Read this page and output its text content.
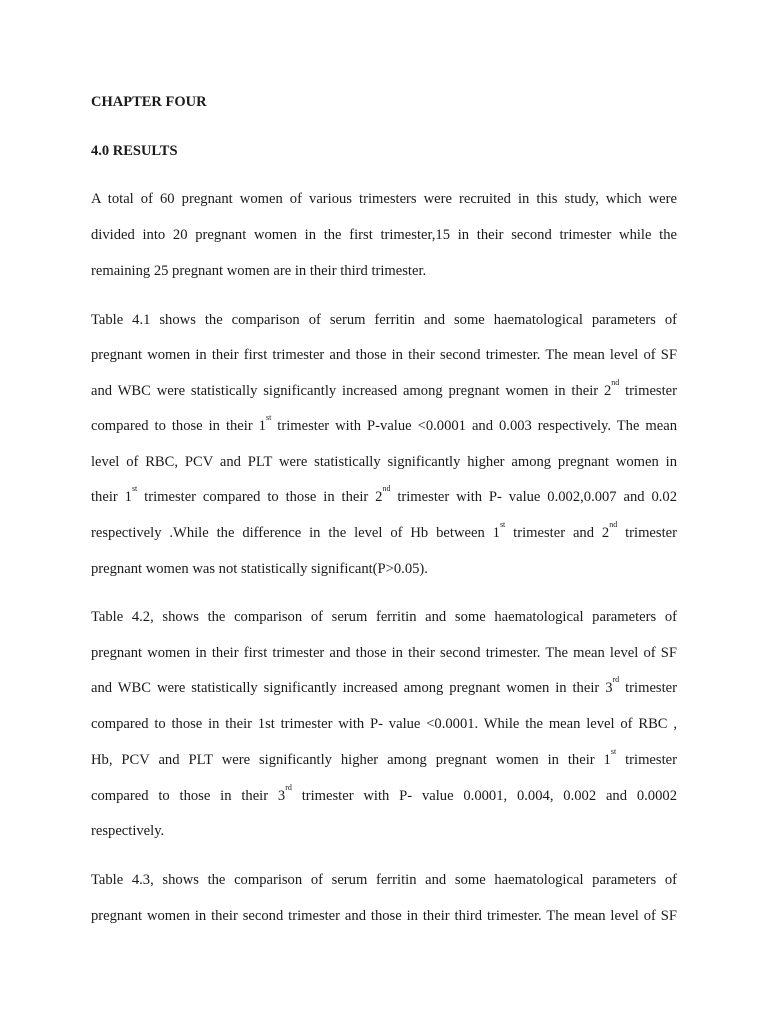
CHAPTER FOUR
4.0 RESULTS
A total of 60 pregnant women of various trimesters were recruited in this study, which were
divided into 20 pregnant women in the first trimester,15 in their second trimester while the
remaining 25 pregnant women are in their third trimester.
Table 4.1 shows the comparison of serum ferritin and some haematological parameters of
pregnant women in their first trimester and those in their second trimester. The mean level of SF
and WBC were statistically significantly increased among pregnant women in their 2nd trimester
compared to those in their 1st trimester with P-value <0.0001 and 0.003 respectively. The mean
level of RBC, PCV and PLT were statistically significantly higher among pregnant women in
their 1st trimester compared to those in their 2nd trimester with P- value 0.002,0.007 and 0.02
respectively .While the difference in the level of Hb between 1st trimester and 2nd trimester
pregnant women was not statistically significant(P>0.05).
Table 4.2, shows the comparison of serum ferritin and some haematological parameters of
pregnant women in their first trimester and those in their second trimester. The mean level of SF
and WBC were statistically significantly increased among pregnant women in their 3rd trimester
compared to those in their 1st trimester with P- value <0.0001. While the mean level of RBC ,
Hb, PCV and PLT were significantly higher among pregnant women in their 1st trimester
compared to those in their 3rd trimester with P- value 0.0001, 0.004, 0.002 and 0.0002
respectively.
Table 4.3, shows the comparison of serum ferritin and some haematological parameters of
pregnant women in their second trimester and those in their third trimester. The mean level of SF
